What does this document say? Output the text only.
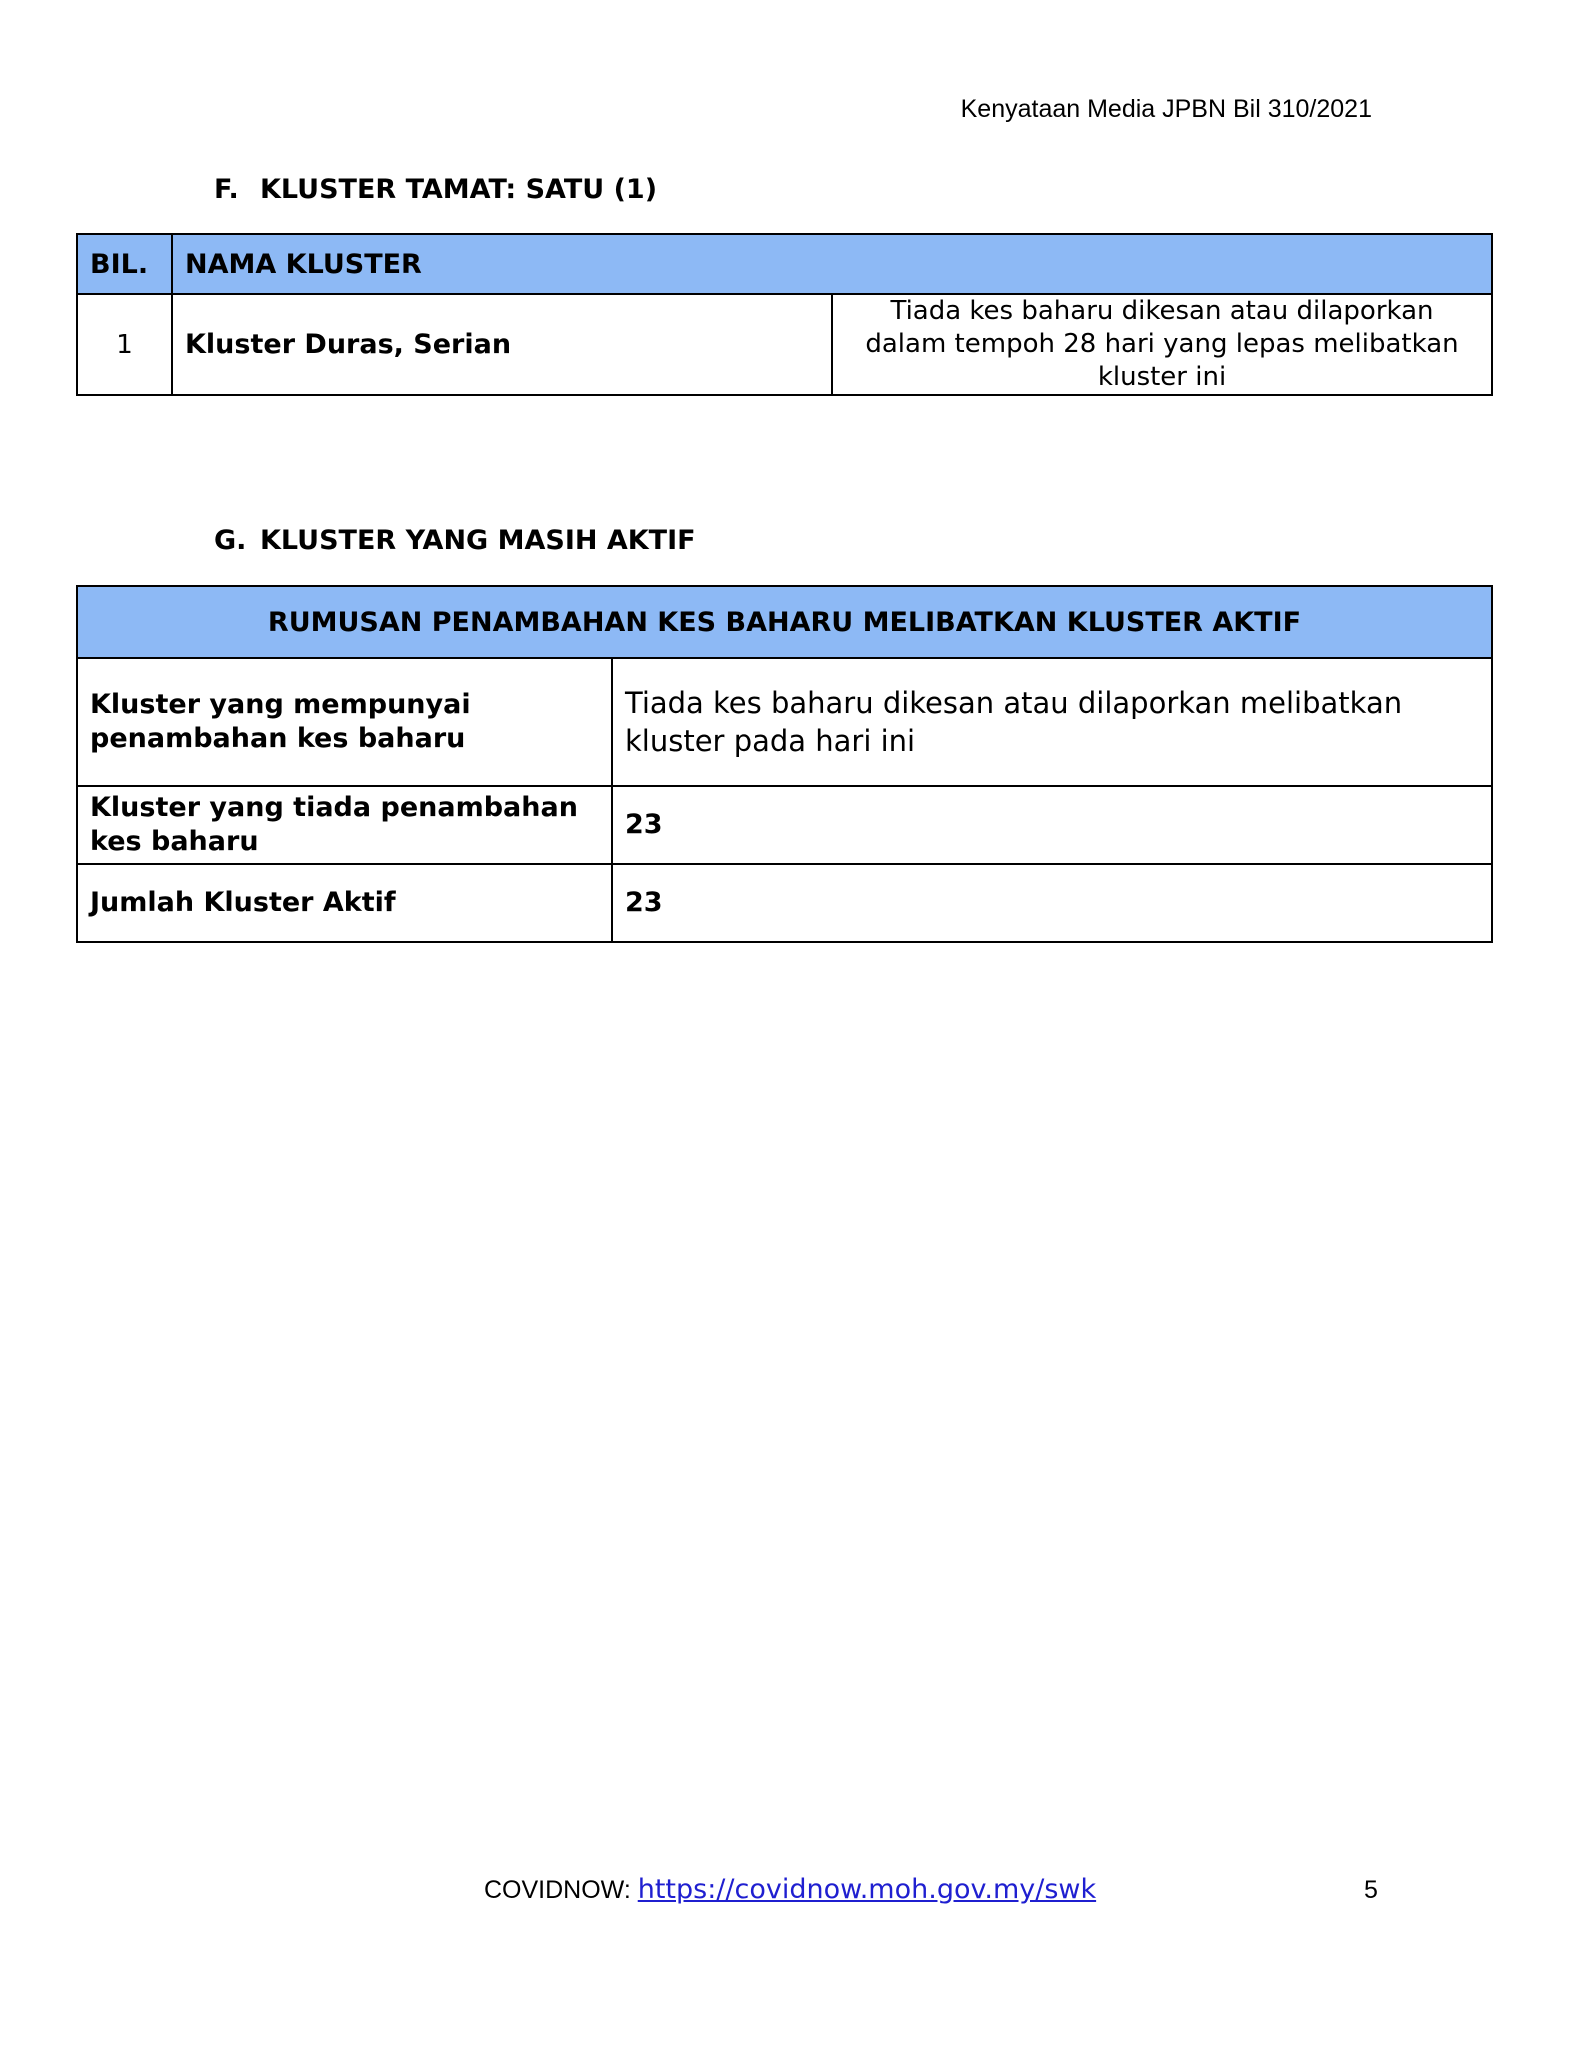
Kenyataan Media JPBN Bil 310/2021
F. KLUSTER TAMAT: SATU (1)
BIL.	NAMA KLUSTER	
1	Kluster Duras, Serian	Tiada kes baharu dikesan atau dilaporkan dalam tempoh 28 hari yang lepas melibatkan kluster ini
G. KLUSTER YANG MASIH AKTIF
RUMUSAN PENAMBAHAN KES BAHARU MELIBATKAN KLUSTER AKTIF	
Kluster yang mempunyai penambahan kes baharu	Tiada kes baharu dikesan atau dilaporkan melibatkan kluster pada hari ini
Kluster yang tiada penambahan kes baharu	23
Jumlah Kluster Aktif	23
COVIDNOW: https://covidnow.moh.gov.my/swk	5
